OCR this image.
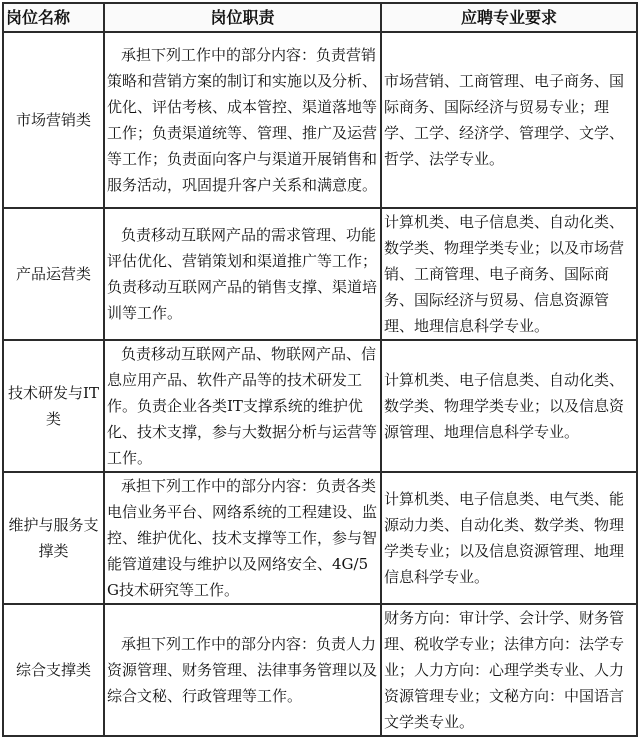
岗位名称	岗位职责	应聘专业要求
市场营销类	承担下列工作中的部分内容：负责营销策略和营销方案的制订和实施以及分析、优化、评估考核、成本管控、渠道落地等工作；负责渠道统等、管理、推广及运营等工作；负责面向客户与渠道开展销售和服务活动，巩固提升客户关系和满意度。	市场营销、工商管理、电子商务、国际商务、国际经济与贸易专业；理学、工学、经济学、管理学、文学、哲学、法学专业。
产品运营类	负责移动互联网产品的需求管理、功能评估优化、营销策划和渠道推广等工作；负责移动互联网产品的销售支撑、渠道培训等工作。	计算机类、电子信息类、自动化类、数学类、物理学类专业；以及市场营销、工商管理、电子商务、国际商务、国际经济与贸易、信息资源管理、地理信息科学专业。
技术研发与IT类	负责移动互联网产品、物联网产品、信息应用产品、软件产品等的技术研发工作。负责企业各类IT支撑系统的维护优化、技术支撑，参与大数据分析与运营等工作。	计算机类、电子信息类、自动化类、数学类、物理学类专业；以及信息资源管理、地理信息科学专业。
维护与服务支撑类	承担下列工作中的部分内容：负责各类电信业务平台、网络系统的工程建设、监控、维护优化、技术支撑等工作，参与智能管道建设与维护以及网络安全、4G/5G技术研究等工作。	计算机类、电子信息类、电气类、能源动力类、自动化类、数学类、物理学类专业；以及信息资源管理、地理信息科学专业。
综合支撑类	承担下列工作中的部分内容：负责人力资源管理、财务管理、法律事务管理以及综合文秘、行政管理等工作。	财务方向：审计学、会计学、财务管理、税收学专业；法律方向：法学专业；人力方向：心理学类专业、人力资源管理专业；文秘方向：中国语言文学类专业。
